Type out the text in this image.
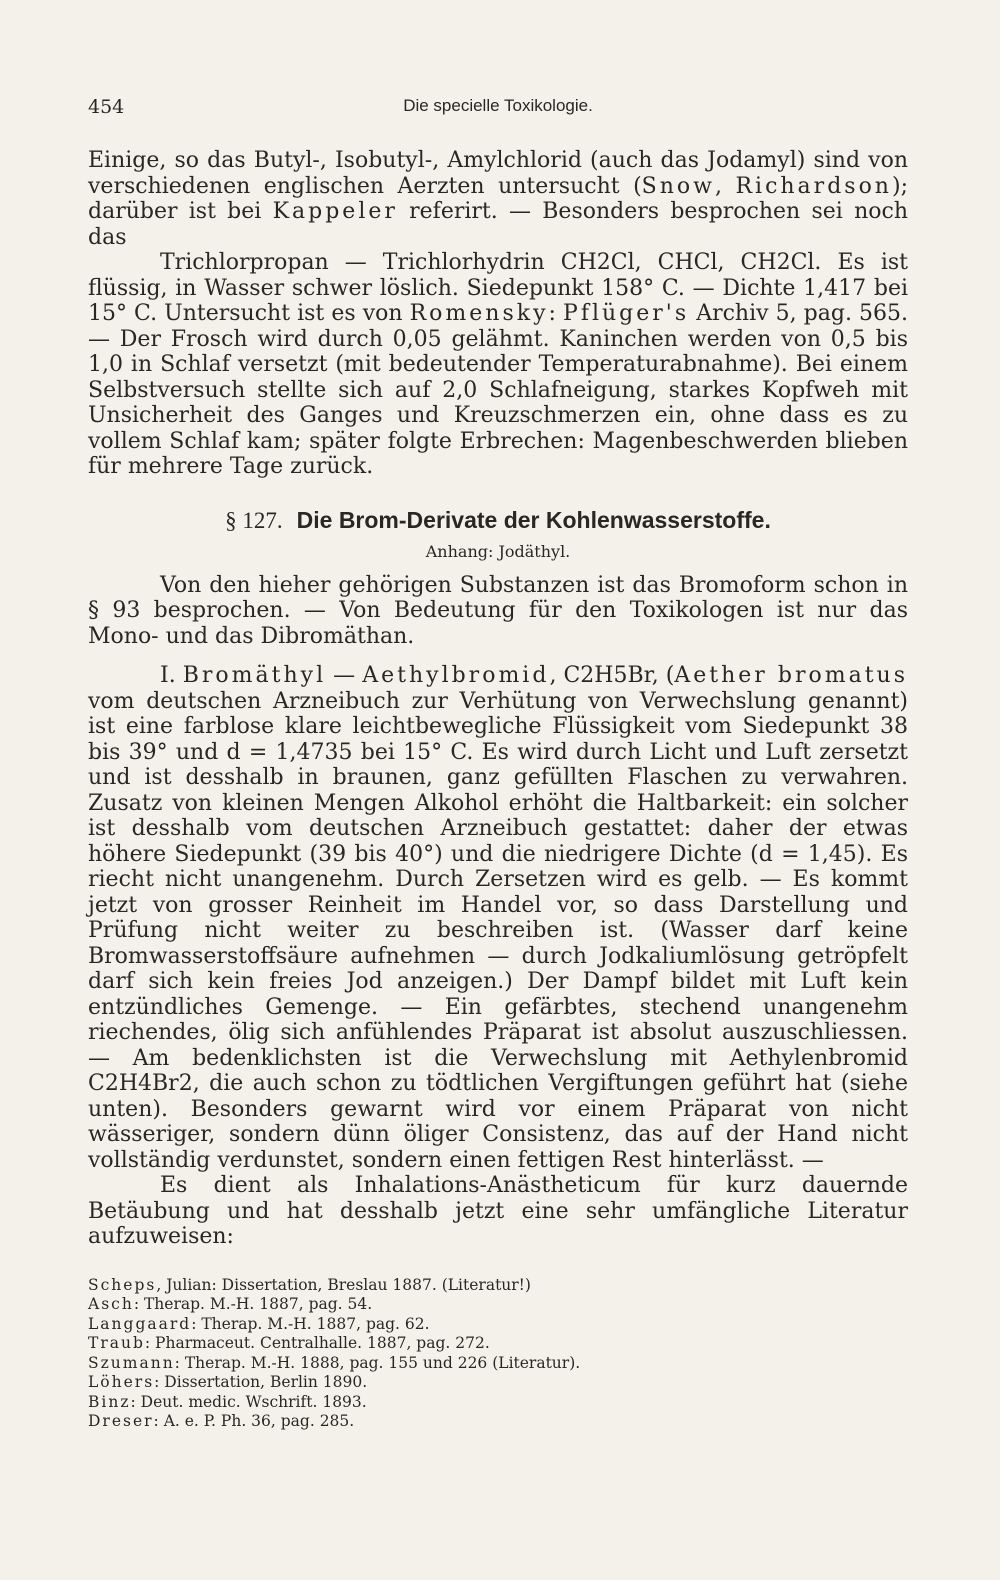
454	Die specielle Toxikologie.

Einige, so das Butyl-, Isobutyl-, Amylchlorid (auch das Jodamyl) sind von verschiedenen englischen Aerzten untersucht (Snow, Richardson); darüber ist bei Kappeler referirt. — Besonders besprochen sei noch das

Trichlorpropan — Trichlorhydrin CH2Cl, CHCl, CH2Cl. Es ist flüssig, in Wasser schwer löslich. Siedepunkt 158° C. — Dichte 1,417 bei 15° C. Untersucht ist es von Romensky: Pflüger's Archiv 5, pag. 565. — Der Frosch wird durch 0,05 gelähmt. Kaninchen werden von 0,5 bis 1,0 in Schlaf versetzt (mit bedeutender Temperaturabnahme). Bei einem Selbstversuch stellte sich auf 2,0 Schlafneigung, starkes Kopfweh mit Unsicherheit des Ganges und Kreuzschmerzen ein, ohne dass es zu vollem Schlaf kam; später folgte Erbrechen: Magenbeschwerden blieben für mehrere Tage zurück.

§ 127. Die Brom-Derivate der Kohlenwasserstoffe.
Anhang: Jodäthyl.

Von den hieher gehörigen Substanzen ist das Bromoform schon in § 93 besprochen. — Von Bedeutung für den Toxikologen ist nur das Mono- und das Dibromäthan.

I. Bromäthyl — Aethylbromid, C2H5Br, (Aether bromatus vom deutschen Arzneibuch zur Verhütung von Verwechslung genannt) ist eine farblose klare leichtbewegliche Flüssigkeit vom Siedepunkt 38 bis 39° und d = 1,4735 bei 15° C. Es wird durch Licht und Luft zersetzt und ist desshalb in braunen, ganz gefüllten Flaschen zu verwahren. Zusatz von kleinen Mengen Alkohol erhöht die Haltbarkeit: ein solcher ist desshalb vom deutschen Arzneibuch gestattet: daher der etwas höhere Siedepunkt (39 bis 40°) und die niedrigere Dichte (d = 1,45). Es riecht nicht unangenehm. Durch Zersetzen wird es gelb. — Es kommt jetzt von grosser Reinheit im Handel vor, so dass Darstellung und Prüfung nicht weiter zu beschreiben ist. (Wasser darf keine Bromwasserstoffsäure aufnehmen — durch Jodkaliumlösung getröpfelt darf sich kein freies Jod anzeigen.) Der Dampf bildet mit Luft kein entzündliches Gemenge. — Ein gefärbtes, stechend unangenehm riechendes, ölig sich anfühlendes Präparat ist absolut auszuschliessen. — Am bedenklichsten ist die Verwechslung mit Aethylenbromid C2H4Br2, die auch schon zu tödtlichen Vergiftungen geführt hat (siehe unten). Besonders gewarnt wird vor einem Präparat von nicht wässeriger, sondern dünn öliger Consistenz, das auf der Hand nicht vollständig verdunstet, sondern einen fettigen Rest hinterlässt. —

Es dient als Inhalations-Anästheticum für kurz dauernde Betäubung und hat desshalb jetzt eine sehr umfängliche Literatur aufzuweisen:

Scheps, Julian: Dissertation, Breslau 1887. (Literatur!)
Asch: Therap. M.-H. 1887, pag. 54.
Langgaard: Therap. M.-H. 1887, pag. 62.
Traub: Pharmaceut. Centralhalle. 1887, pag. 272.
Szumann: Therap. M.-H. 1888, pag. 155 und 226 (Literatur).
Löhers: Dissertation, Berlin 1890.
Binz: Deut. medic. Wschrift. 1893.
Dreser: A. e. P. Ph. 36, pag. 285.
